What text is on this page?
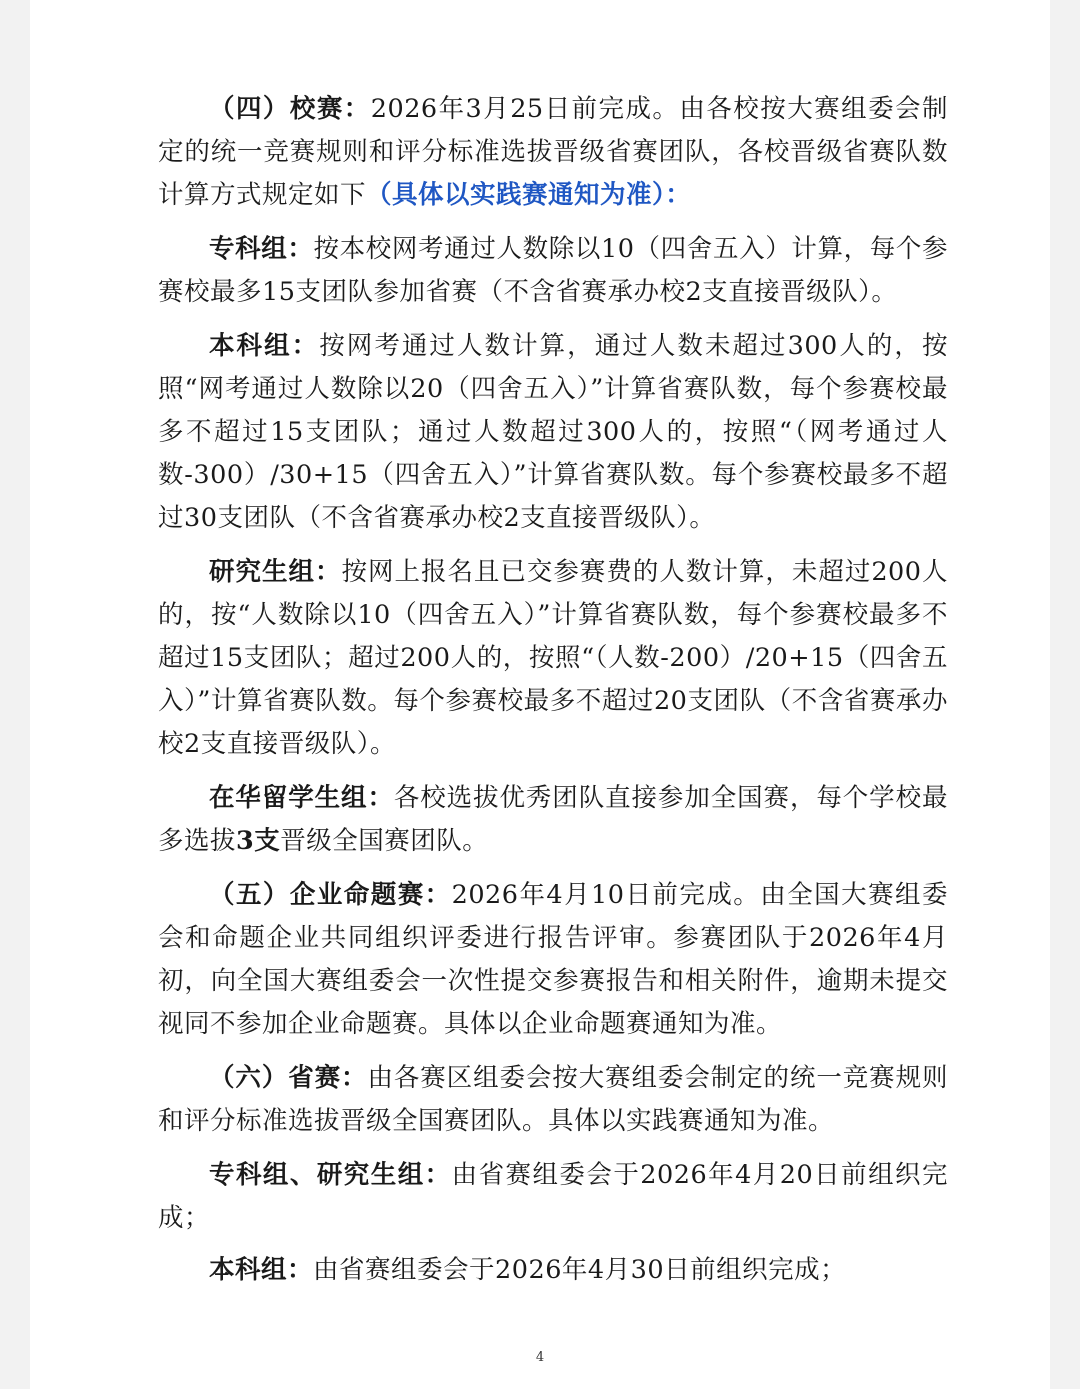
（四）校赛：2026年3月25日前完成。由各校按大赛组委会制定的统一竞赛规则和评分标准选拔晋级省赛团队，各校晋级省赛队数计算方式规定如下（具体以实践赛通知为准）：

专科组：按本校网考通过人数除以10（四舍五入）计算，每个参赛校最多15支团队参加省赛（不含省赛承办校2支直接晋级队）。

本科组：按网考通过人数计算，通过人数未超过300人的，按照“网考通过人数除以20（四舍五入）”计算省赛队数，每个参赛校最多不超过15支团队；通过人数超过300人的，按照“（网考通过人数-300）/30+15（四舍五入）”计算省赛队数。每个参赛校最多不超过30支团队（不含省赛承办校2支直接晋级队）。

研究生组：按网上报名且已交参赛费的人数计算，未超过200人的，按“人数除以10（四舍五入）”计算省赛队数，每个参赛校最多不超过15支团队；超过200人的，按照“（人数-200）/20+15（四舍五入）”计算省赛队数。每个参赛校最多不超过20支团队（不含省赛承办校2支直接晋级队）。

在华留学生组：各校选拔优秀团队直接参加全国赛，每个学校最多选拔3支晋级全国赛团队。

（五）企业命题赛：2026年4月10日前完成。由全国大赛组委会和命题企业共同组织评委进行报告评审。参赛团队于2026年4月初，向全国大赛组委会一次性提交参赛报告和相关附件，逾期未提交视同不参加企业命题赛。具体以企业命题赛通知为准。

（六）省赛：由各赛区组委会按大赛组委会制定的统一竞赛规则和评分标准选拔晋级全国赛团队。具体以实践赛通知为准。

专科组、研究生组：由省赛组委会于2026年4月20日前组织完成；

本科组：由省赛组委会于2026年4月30日前组织完成；

4
